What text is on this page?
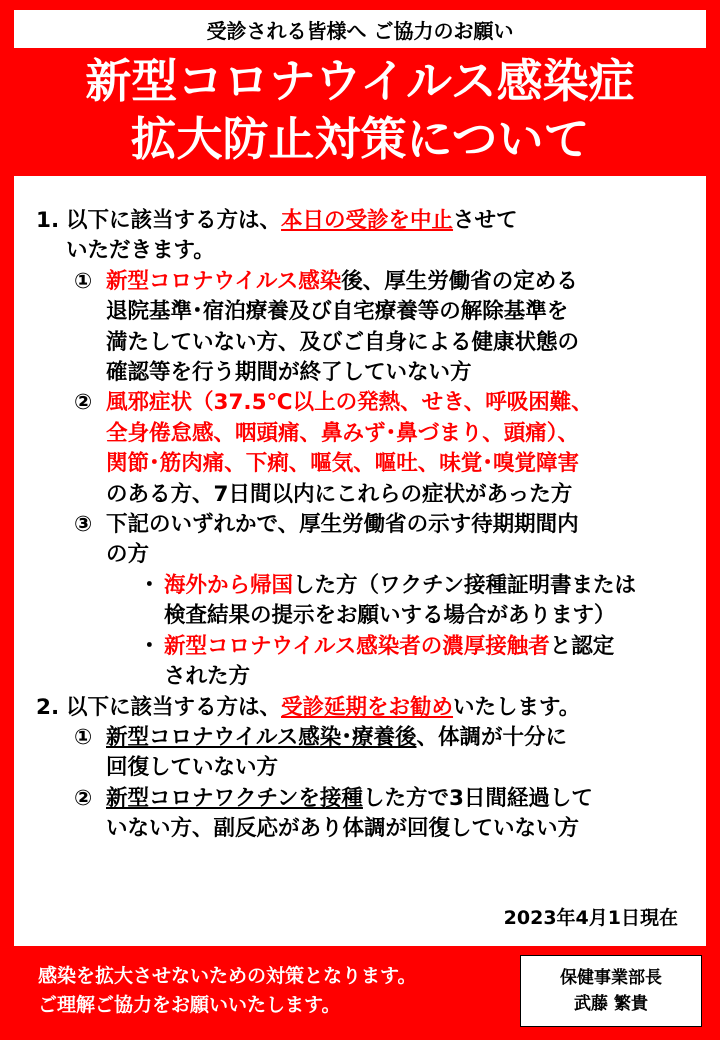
受診される皆様へ ご協力のお願い
新型コロナウイルス感染症
拡大防止対策について
1. 以下に該当する方は、本日の受診を中止させて
いただきます。
① 新型コロナウイルス感染後、厚生労働省の定める
退院基準･宿泊療養及び自宅療養等の解除基準を
満たしていない方、及びご自身による健康状態の
確認等を行う期間が終了していない方
② 風邪症状（37.5℃以上の発熱、せき、呼吸困難、
全身倦怠感、咽頭痛、鼻みず･鼻づまり、頭痛）、
関節･筋肉痛、下痢、嘔気、嘔吐、味覚･嗅覚障害
のある方、7日間以内にこれらの症状があった方
③ 下記のいずれかで、厚生労働省の示す待期期間内
の方
･ 海外から帰国した方（ワクチン接種証明書または
検査結果の提示をお願いする場合があります）
･ 新型コロナウイルス感染者の濃厚接触者と認定
された方
2. 以下に該当する方は、受診延期をお勧めいたします。
① 新型コロナウイルス感染･療養後、体調が十分に
回復していない方
② 新型コロナワクチンを接種した方で3日間経過して
いない方、副反応があり体調が回復していない方
2023年4月1日現在
感染を拡大させないための対策となります。
ご理解ご協力をお願いいたします。
保健事業部長
武藤 繁貴
